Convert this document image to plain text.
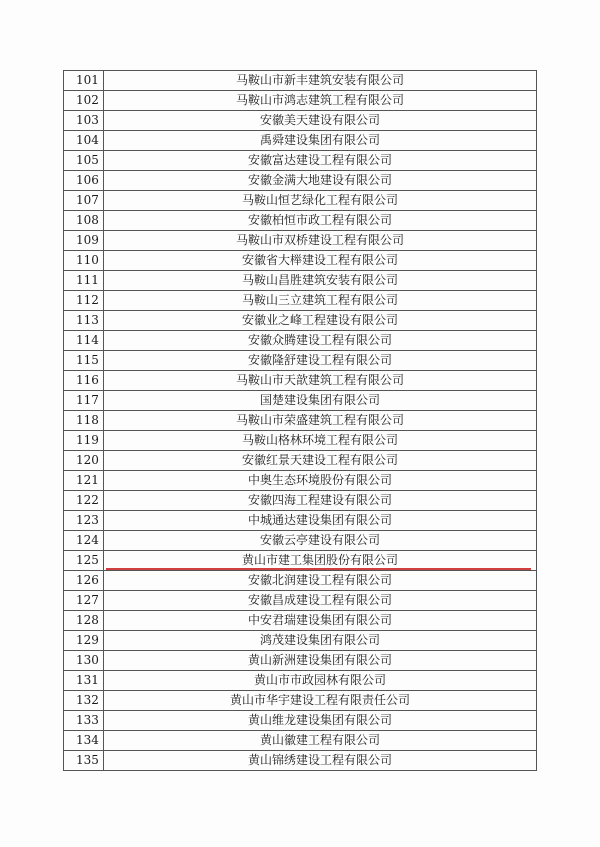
101	马鞍山市新丰建筑安装有限公司
102	马鞍山市鸿志建筑工程有限公司
103	安徽美天建设有限公司
104	禹舜建设集团有限公司
105	安徽富达建设工程有限公司
106	安徽金满大地建设有限公司
107	马鞍山恒艺绿化工程有限公司
108	安徽柏恒市政工程有限公司
109	马鞍山市双桥建设工程有限公司
110	安徽省大榉建设工程有限公司
111	马鞍山昌胜建筑安装有限公司
112	马鞍山三立建筑工程有限公司
113	安徽业之峰工程建设有限公司
114	安徽众腾建设工程有限公司
115	安徽隆舒建设工程有限公司
116	马鞍山市天歆建筑工程有限公司
117	国楚建设集团有限公司
118	马鞍山市荣盛建筑工程有限公司
119	马鞍山格林环境工程有限公司
120	安徽红景天建设工程有限公司
121	中奥生态环境股份有限公司
122	安徽四海工程建设有限公司
123	中城通达建设集团有限公司
124	安徽云亭建设有限公司
125	黄山市建工集团股份有限公司
126	安徽北润建设工程有限公司
127	安徽昌成建设工程有限公司
128	中安君瑞建设集团有限公司
129	鸿茂建设集团有限公司
130	黄山新洲建设集团有限公司
131	黄山市市政园林有限公司
132	黄山市华宇建设工程有限责任公司
133	黄山维龙建设集团有限公司
134	黄山徽建工程有限公司
135	黄山锦绣建设工程有限公司
